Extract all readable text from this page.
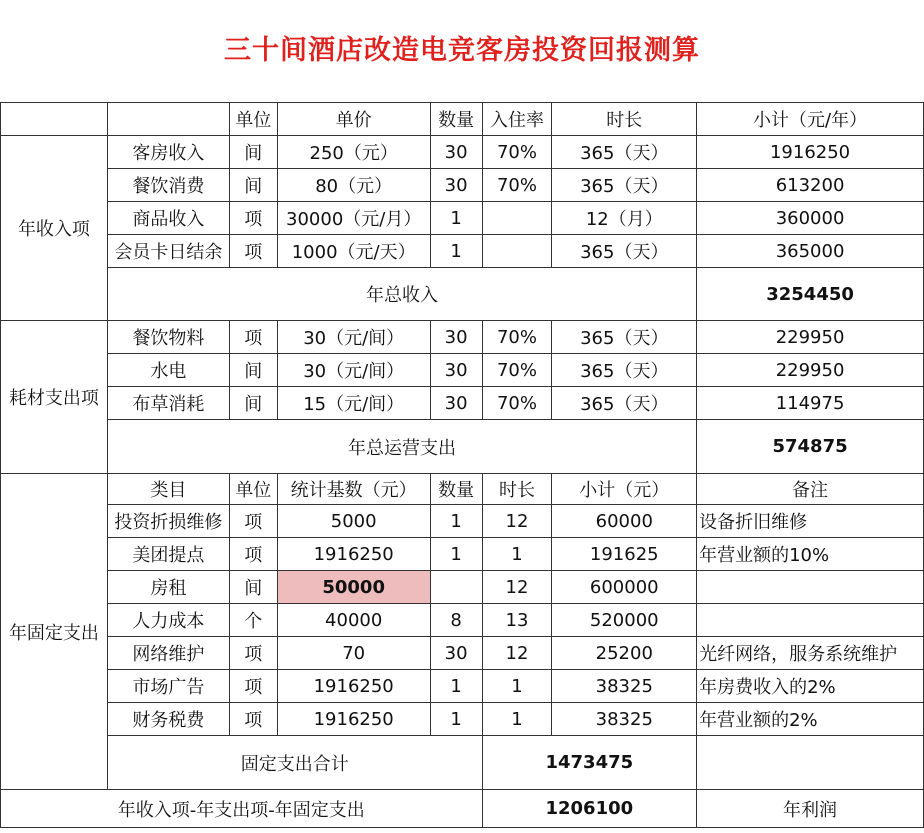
三十间酒店改造电竞客房投资回报测算
		单位	单价	数量	入住率	时长	小计（元/年）
年收入项	客房收入	间	250（元）	30	70%	365（天）	1916250
	餐饮消费	间	80（元）	30	70%	365（天）	613200
	商品收入	项	30000（元/月）	1		12（月）	360000
	会员卡日结余	项	1000（元/天）	1		365（天）	365000
	年总收入						3254450
耗材支出项	餐饮物料	项	30（元/间）	30	70%	365（天）	229950
	水电	间	30（元/间）	30	70%	365（天）	229950
	布草消耗	间	15（元/间）	30	70%	365（天）	114975
	年总运营支出						574875
年固定支出	类目	单位	统计基数（元）	数量	时长	小计（元）	备注
	投资折损维修	项	5000	1	12	60000	设备折旧维修
	美团提点	项	1916250	1	1	191625	年营业额的10%
	房租	间	50000		12	600000	
	人力成本	个	40000	8	13	520000	
	网络维护	项	70	30	12	25200	光纤网络，服务系统维护
	市场广告	项	1916250	1	1	38325	年房费收入的2%
	财务税费	项	1916250	1	1	38325	年营业额的2%
	固定支出合计				1473475		
年收入项-年支出项-年固定支出					1206100		年利润
